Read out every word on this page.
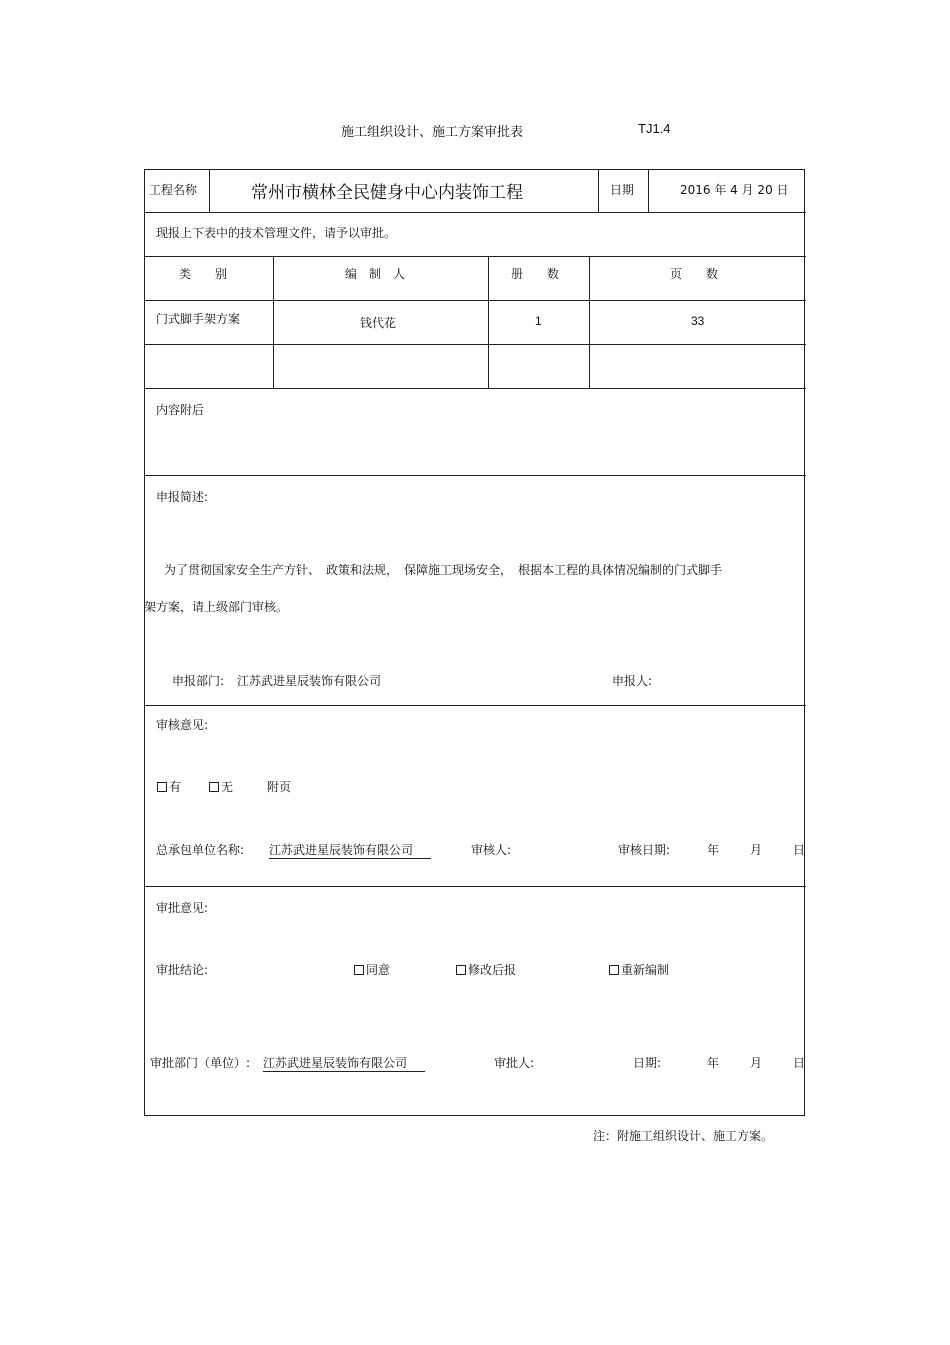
施工组织设计、施工方案审批表	TJ1.4
工程名称	常州市横林全民健身中心内装饰工程	日期	2016 年 4 月 20 日
现报上下表中的技术管理文件，请予以审批。
类　　别	编　制　人	册　　数	页　　数
门式脚手架方案	钱代花	1	33
内容附后
申报简述:
为了贯彻国家安全生产方针、　政策和法规，　保障施工现场安全，　根据本工程的具体情况编制的门式脚手
架方案，请上级部门审核。
申报部门: 江苏武进星辰装饰有限公司	申报人:
审核意见:
有	无	附页
总承包单位名称: 江苏武进星辰装饰有限公司	审核人:	审核日期:	年	月	日
审批意见:
审批结论:	同意	修改后报	重新编制
审批部门（单位）: 江苏武进星辰装饰有限公司	审批人:	日期:	年	月	日
注：附施工组织设计、施工方案。
